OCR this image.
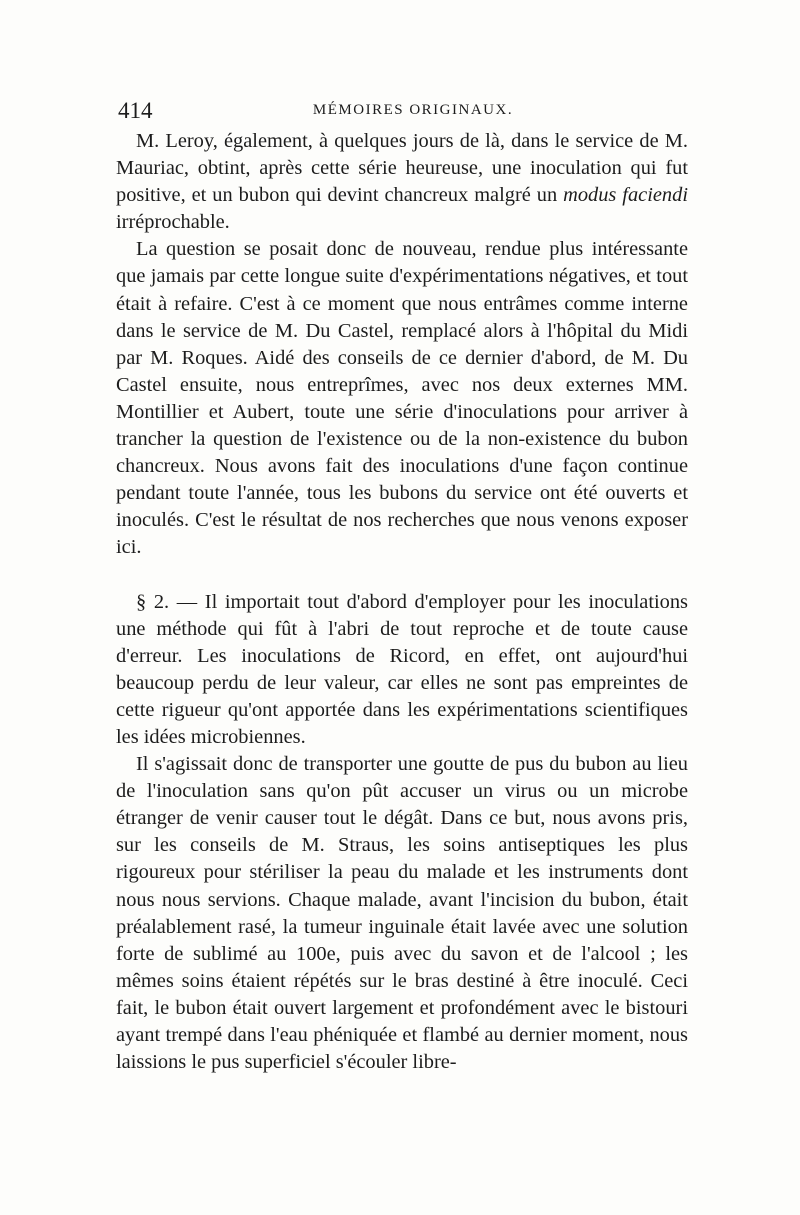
414	MÉMOIRES ORIGINAUX.

M. Leroy, également, à quelques jours de là, dans le service de M. Mauriac, obtint, après cette série heureuse, une inoculation qui fut positive, et un bubon qui devint chancreux malgré un modus faciendi irréprochable.

La question se posait donc de nouveau, rendue plus intéressante que jamais par cette longue suite d'expérimentations négatives, et tout était à refaire. C'est à ce moment que nous entrâmes comme interne dans le service de M. Du Castel, remplacé alors à l'hôpital du Midi par M. Roques. Aidé des conseils de ce dernier d'abord, de M. Du Castel ensuite, nous entreprîmes, avec nos deux externes MM. Montillier et Aubert, toute une série d'inoculations pour arriver à trancher la question de l'existence ou de la non-existence du bubon chancreux. Nous avons fait des inoculations d'une façon continue pendant toute l'année, tous les bubons du service ont été ouverts et inoculés. C'est le résultat de nos recherches que nous venons exposer ici.

§ 2. — Il importait tout d'abord d'employer pour les inoculations une méthode qui fût à l'abri de tout reproche et de toute cause d'erreur. Les inoculations de Ricord, en effet, ont aujourd'hui beaucoup perdu de leur valeur, car elles ne sont pas empreintes de cette rigueur qu'ont apportée dans les expérimentations scientifiques les idées microbiennes.

Il s'agissait donc de transporter une goutte de pus du bubon au lieu de l'inoculation sans qu'on pût accuser un virus ou un microbe étranger de venir causer tout le dégât. Dans ce but, nous avons pris, sur les conseils de M. Straus, les soins antiseptiques les plus rigoureux pour stériliser la peau du malade et les instruments dont nous nous servions. Chaque malade, avant l'incision du bubon, était préalablement rasé, la tumeur inguinale était lavée avec une solution forte de sublimé au 100e, puis avec du savon et de l'alcool ; les mêmes soins étaient répétés sur le bras destiné à être inoculé. Ceci fait, le bubon était ouvert largement et profondément avec le bistouri ayant trempé dans l'eau phéniquée et flambé au dernier moment, nous laissions le pus superficiel s'écouler libre-
